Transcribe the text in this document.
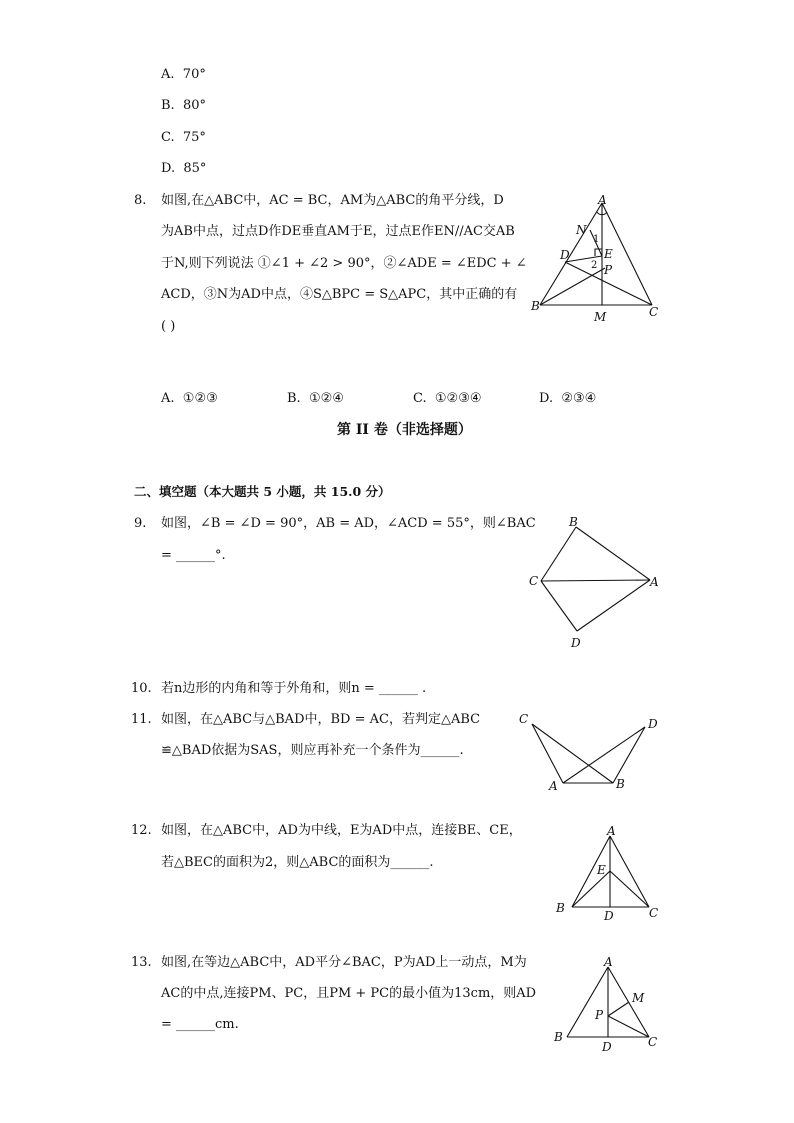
A. 70°
B. 80°
C. 75°
D. 85°
8. 如图,在△ABC中，AC = BC，AM为△ABC的角平分线，D
为AB中点，过点D作DE垂直AM于E，过点E作EN//AC交AB
于N,则下列说法 ①∠1 + ∠2 > 90°，②∠ADE = ∠EDC + ∠
ACD，③N为AD中点，④S△BPC = S△APC，其中正确的有
( )
A
N
1
D	E
2 P
B
M	C
A. ①②③	B. ①②④	C. ①②③④	D. ②③④
第 II 卷（非选择题）
二、填空题（本大题共 5 小题，共 15.0 分）
9. 如图，∠B = ∠D = 90°，AB = AD，∠ACD = 55°，则∠BAC
= ______°.
B
C	A
D
10. 若n边形的内角和等于外角和，则n = ______ .
11. 如图，在△ABC与△BAD中，BD = AC，若判定△ABC
≌△BAD依据为SAS，则应再补充一个条件为______.
C	D
A	B
12. 如图，在△ABC中，AD为中线，E为AD中点，连接BE、CE，
若△BEC的面积为2，则△ABC的面积为______.
A
E
B
D	C
13. 如图,在等边△ABC中，AD平分∠BAC，P为AD上一动点，M为
AC的中点,连接PM、PC，且PM + PC的最小值为13cm，则AD
= ______cm.
A
M
P
B
D	C
